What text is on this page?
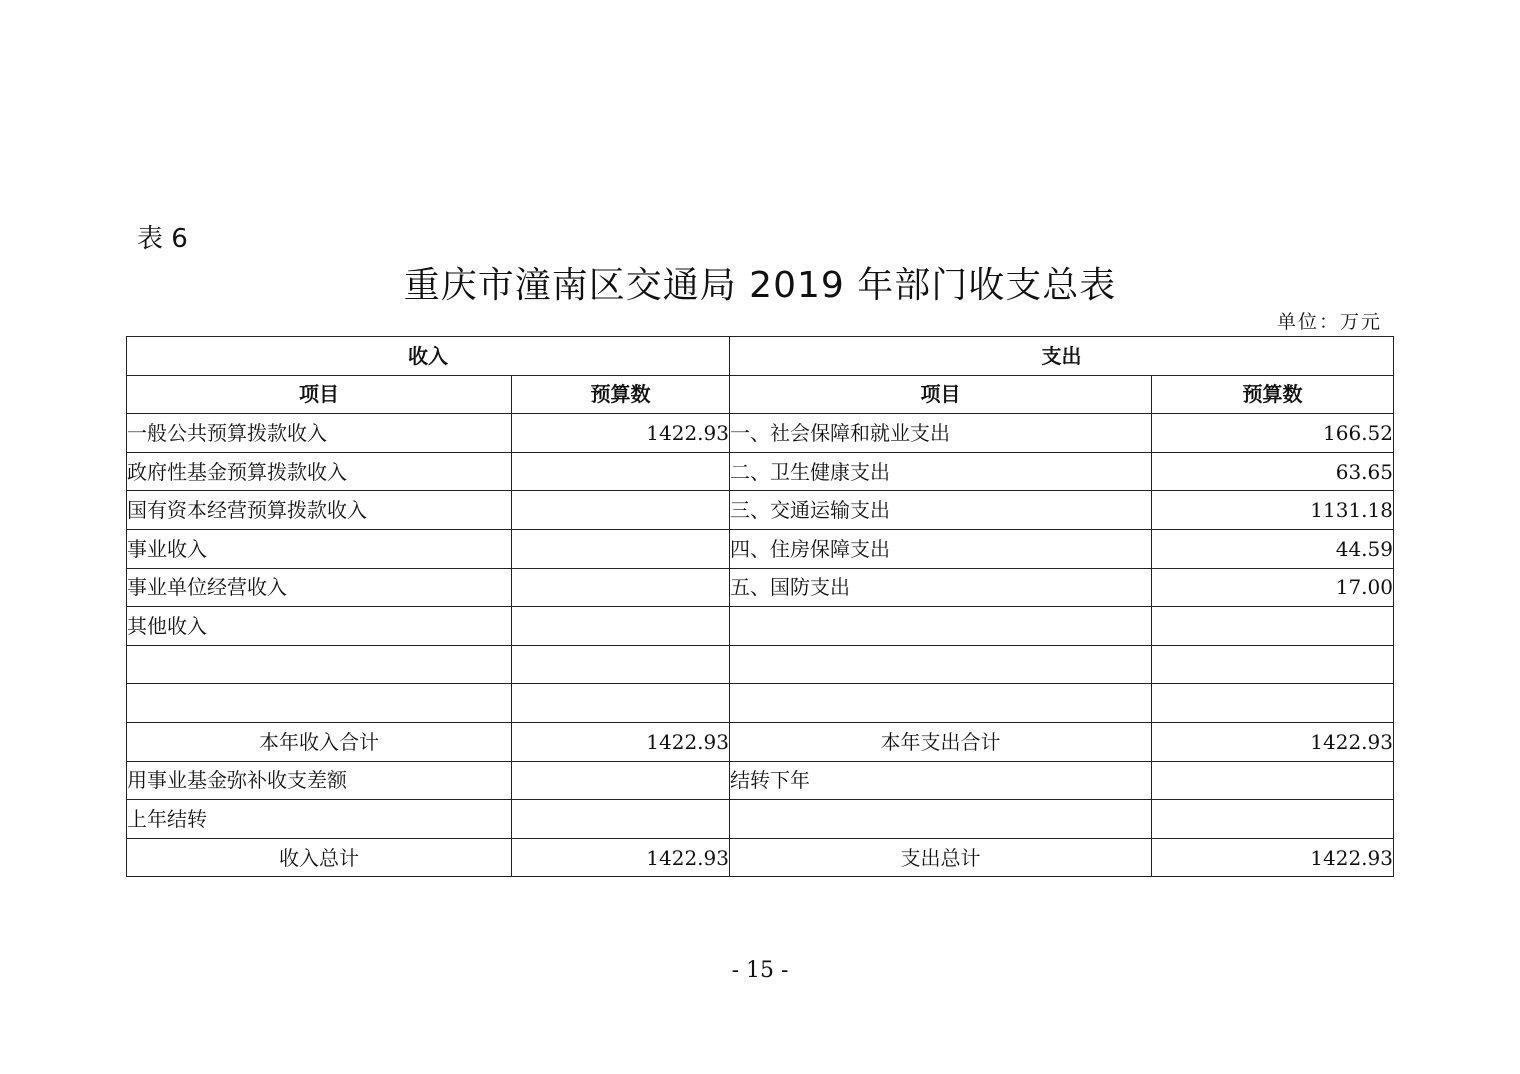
表 6
重庆市潼南区交通局 2019 年部门收支总表
单位：万元
收入		支出	
项目	预算数	项目	预算数
一般公共预算拨款收入	1422.93	一、社会保障和就业支出	166.52
政府性基金预算拨款收入		二、卫生健康支出	63.65
国有资本经营预算拨款收入		三、交通运输支出	1131.18
事业收入		四、住房保障支出	44.59
事业单位经营收入		五、国防支出	17.00
其他收入			

本年收入合计	1422.93	本年支出合计	1422.93
用事业基金弥补收支差额		结转下年	
上年结转			
收入总计	1422.93	支出总计	1422.93
- 15 -
